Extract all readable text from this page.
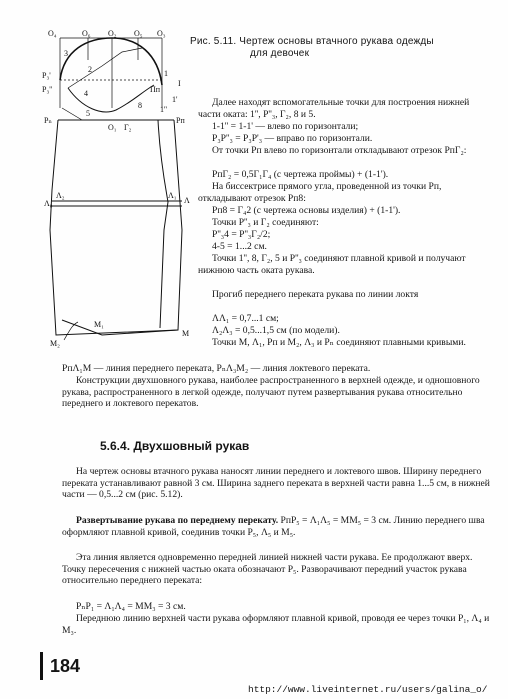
O₄	O₆ O₂ O₅ O₃
P₃'
P₃''
3
2
4
5
8
1
I
Пп
1'
1''
Рₙ	Рп
O₁ Г₂
Λ₂
Λ₃
Λ₁
Λ
M₁
M₂
M
Рис. 5.11. Чертеж основы втачного рукава одежды
для девочек
Далее находят вспомогательные точки для построения нижней части оката: 1'', Р''₃, Г₂, 8 и 5.
1-1'' = 1-1' — влево по горизонтали;
Р₃Р''₃ = Р₃Р'₃ — вправо по горизонтали.
От точки Рп влево по горизонтали откладывают отрезок РпГ₂:
РпГ₂ = 0,5Г₁Г₄ (с чертежа проймы) + (1-1').
На биссектрисе прямого угла, проведенной из точки Рп, откладывают отрезок Рп8:
Рп8 = Г₄2 (с чертежа основы изделия) + (1-1').
Точки Р''₃ и Г₂ соединяют:
Р''₃4 = Р''₃Г₂/2;
4-5 = 1...2 см.
Точки 1'', 8, Г₂, 5 и Р''₃ соединяют плавной кривой и получают нижнюю часть оката рукава.
Прогиб переднего переката рукава по линии локтя
ΛΛ₁ = 0,7...1 см;
Λ₂Λ₃ = 0,5...1,5 см (по модели).
Точки М, Λ₁, Рп и М₂, Λ₃ и Рₙ соединяют плавными кривыми.
РпΛ₁М — линия переднего переката, РₙΛ₃М₂ — линия локтевого переката.
Конструкции двухшовного рукава, наиболее распространенного в верхней одежде, и одношовного рукава, распространенного в легкой одежде, получают путем развертывания рукава относительно переднего и локтевого перекатов.
5.6.4. Двухшовный рукав
На чертеж основы втачного рукава наносят линии переднего и локтевого швов. Ширину переднего переката устанавливают равной 3 см. Ширина заднего переката в верхней части равна 1...5 см, в нижней части — 0,5...2 см (рис. 5.12).
Развертывание рукава по переднему перекату. РпР₅ = Λ₁Λ₅ = ММ₅ = 3 см. Линию переднего шва оформляют плавной кривой, соединив точки Р₅, Λ₅ и М₅.
Эта линия является одновременно передней линией нижней части рукава. Ее продолжают вверх. Точку пересечения с нижней частью оката обозначают Р₅. Разворачивают передний участок рукава относительно переднего переката:
РₙР₁ = Λ₁Λ₄ = ММ₃ = 3 см.
Переднюю линию верхней части рукава оформляют плавной кривой, проводя ее через точки Р₁, Λ₄ и М₃.
184
http://www.liveinternet.ru/users/galina_o/
